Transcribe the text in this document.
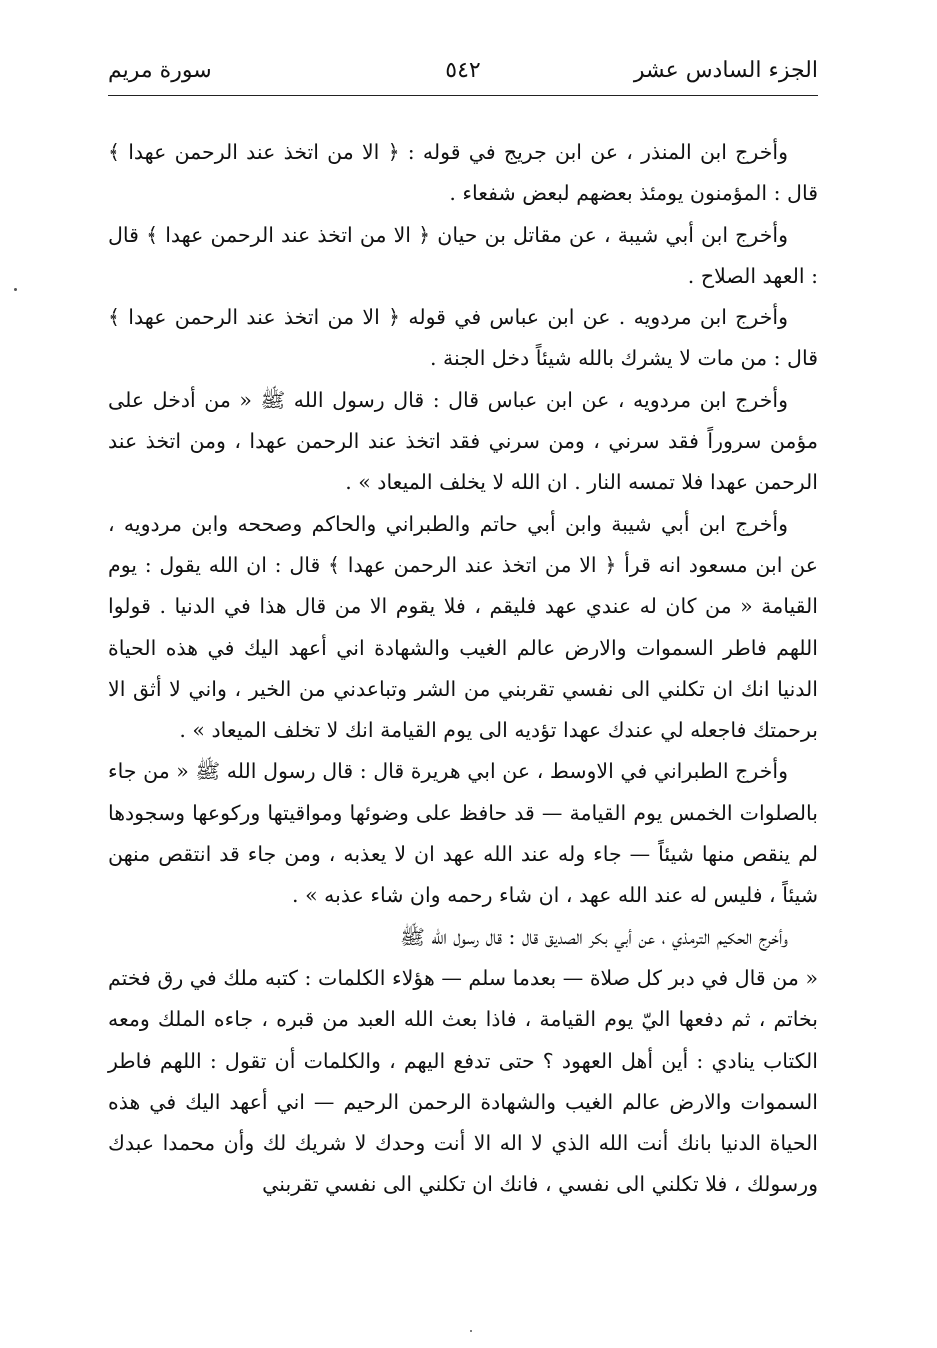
الجزء السادس عشر
٥٤٢
سورة مريم

وأخرج ابن المنذر ، عن ابن جريج في قوله : ﴿ الا من اتخذ عند الرحمن عهدا ﴾ قال : المؤمنون يومئذ بعضهم لبعض شفعاء .

وأخرج ابن أبي شيبة ، عن مقاتل بن حيان ﴿ الا من اتخذ عند الرحمن عهدا ﴾ قال : العهد الصلاح .

وأخرج ابن مردويه . عن ابن عباس في قوله ﴿ الا من اتخذ عند الرحمن عهدا ﴾ قال : من مات لا يشرك بالله شيئاً دخل الجنة .

وأخرج ابن مردويه ، عن ابن عباس قال : قال رسول الله ﷺ « من أدخل على مؤمن سروراً فقد سرني ، ومن سرني فقد اتخذ عند الرحمن عهدا ، ومن اتخذ عند الرحمن عهدا فلا تمسه النار . ان الله لا يخلف الميعاد » .

وأخرج ابن أبي شيبة وابن أبي حاتم والطبراني والحاكم وصححه وابن مردويه ، عن ابن مسعود انه قرأ ﴿ الا من اتخذ عند الرحمن عهدا ﴾ قال : ان الله يقول : يوم القيامة « من كان له عندي عهد فليقم ، فلا يقوم الا من قال هذا في الدنيا . قولوا اللهم فاطر السموات والارض عالم الغيب والشهادة اني أعهد اليك في هذه الحياة الدنيا انك ان تكلني الى نفسي تقربني من الشر وتباعدني من الخير ، واني لا أثق الا برحمتك فاجعله لي عندك عهدا تؤديه الى يوم القيامة انك لا تخلف الميعاد » .

وأخرج الطبراني في الاوسط ، عن ابي هريرة قال : قال رسول الله ﷺ « من جاء بالصلوات الخمس يوم القيامة — قد حافظ على وضوئها ومواقيتها وركوعها وسجودها لم ينقص منها شيئاً — جاء وله عند الله عهد ان لا يعذبه ، ومن جاء قد انتقص منهن شيئاً ، فليس له عند الله عهد ، ان شاء رحمه وان شاء عذبه » .

وأخرج الحكيم الترمذي ، عن أبي بكر الصديق قال : قال رسول الله ﷺ

« من قال في دبر كل صلاة — بعدما سلم — هؤلاء الكلمات : كتبه ملك في رق فختم بخاتم ، ثم دفعها اليّ يوم القيامة ، فاذا بعث الله العبد من قبره ، جاءه الملك ومعه الكتاب ينادي : أين أهل العهود ؟ حتى تدفع اليهم ، والكلمات أن تقول : اللهم فاطر السموات والارض عالم الغيب والشهادة الرحمن الرحيم — اني أعهد اليك في هذه الحياة الدنيا بانك أنت الله الذي لا اله الا أنت وحدك لا شريك لك وأن محمدا عبدك ورسولك ، فلا تكلني الى نفسي ، فانك ان تكلني الى نفسي تقربني
